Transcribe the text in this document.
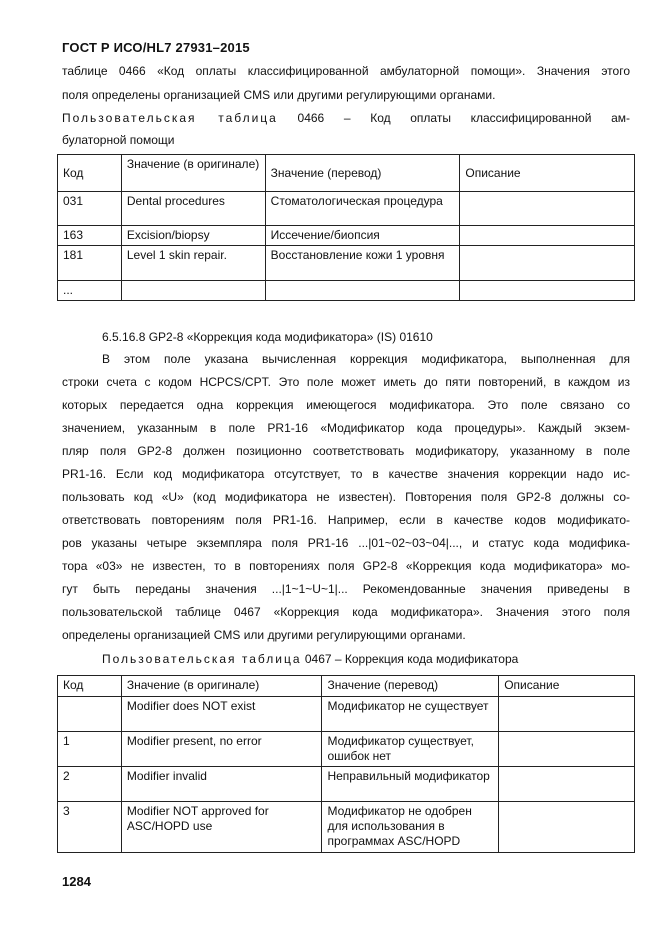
ГОСТ Р ИСО/HL7 27931–2015
таблице 0466 «Код оплаты классифицированной амбулаторной помощи». Значения этого
поля определены организацией CMS или другими регулирующими органами.
Пользовательская таблица 0466 – Код оплаты классифицированной ам-
булаторной помощи
Код	Значение (в оригинале)	Значение (перевод)	Описание
031	Dental procedures	Стоматологическая процедура	
163	Excision/biopsy	Иссечение/биопсия	
181	Level 1 skin repair.	Восстановление кожи 1 уровня	
...			
6.5.16.8 GP2-8 «Коррекция кода модификатора» (IS) 01610
В этом поле указана вычисленная коррекция модификатора, выполненная для
строки счета с кодом HCPCS/CPT. Это поле может иметь до пяти повторений, в каждом из
которых передается одна коррекция имеющегося модификатора. Это поле связано со
значением, указанным в поле PR1-16 «Модификатор кода процедуры». Каждый экзем-
пляр поля GP2-8 должен позиционно соответствовать модификатору, указанному в поле
PR1-16. Если код модификатора отсутствует, то в качестве значения коррекции надо ис-
пользовать код «U» (код модификатора не известен). Повторения поля GP2-8 должны со-
ответствовать повторениям поля PR1-16. Например, если в качестве кодов модификато-
ров указаны четыре экземпляра поля PR1-16 ...|01~02~03~04|..., и статус кода модифика-
тора «03» не известен, то в повторениях поля GP2-8 «Коррекция кода модификатора» мо-
гут быть переданы значения ...|1~1~U~1|... Рекомендованные значения приведены в
пользовательской таблице 0467 «Коррекция кода модификатора». Значения этого поля
определены организацией CMS или другими регулирующими органами.
Пользовательская таблица 0467 – Коррекция кода модификатора
Код	Значение (в оригинале)	Значение (перевод)	Описание
	Modifier does NOT exist	Модификатор не существует	
1	Modifier present, no error	Модификатор существует, ошибок нет	
2	Modifier invalid	Неправильный модификатор	
3	Modifier NOT approved for ASC/HOPD use	Модификатор не одобрен для использования в программах ASC/HOPD	
1284
